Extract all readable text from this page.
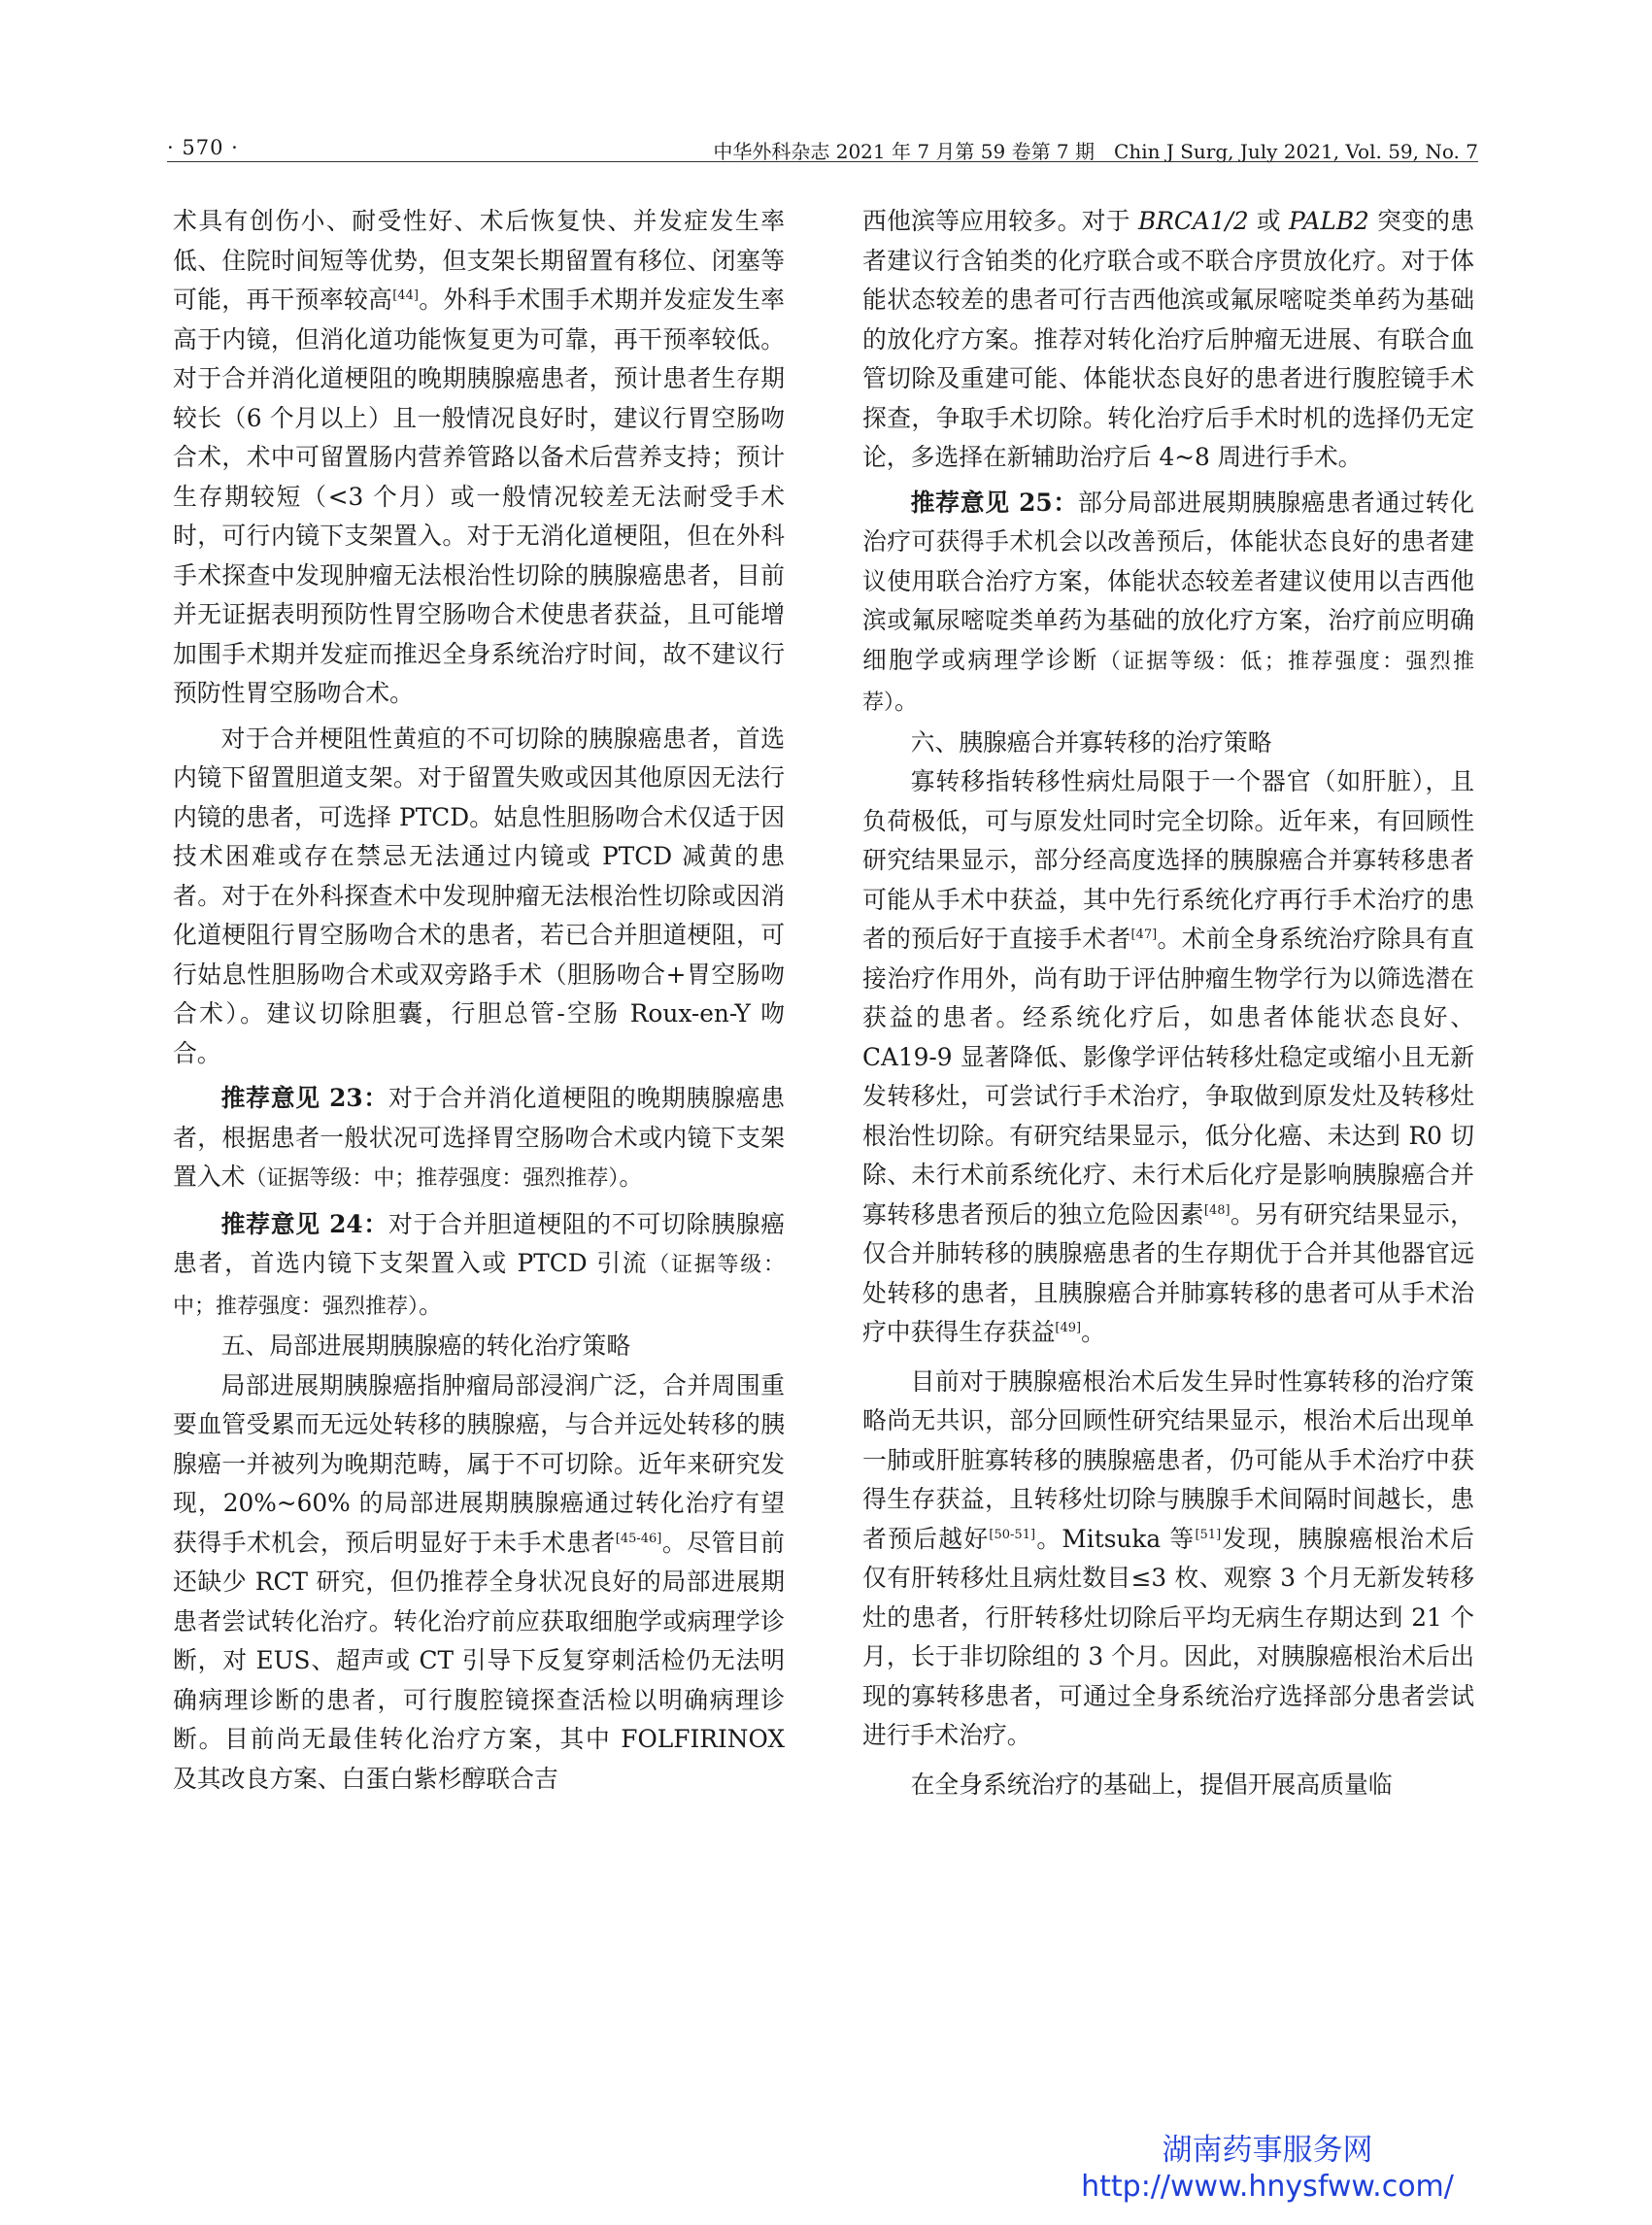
· 570 ·	中华外科杂志 2021 年 7 月第 59 卷第 7 期　Chin J Surg, July 2021, Vol. 59, No. 7

术具有创伤小、耐受性好、术后恢复快、并发症发生率低、住院时间短等优势，但支架长期留置有移位、闭塞等可能，再干预率较高[44]。外科手术围手术期并发症发生率高于内镜，但消化道功能恢复更为可靠，再干预率较低。对于合并消化道梗阻的晚期胰腺癌患者，预计患者生存期较长（6 个月以上）且一般情况良好时，建议行胃空肠吻合术，术中可留置肠内营养管路以备术后营养支持；预计生存期较短（<3 个月）或一般情况较差无法耐受手术时，可行内镜下支架置入。对于无消化道梗阻，但在外科手术探查中发现肿瘤无法根治性切除的胰腺癌患者，目前并无证据表明预防性胃空肠吻合术使患者获益，且可能增加围手术期并发症而推迟全身系统治疗时间，故不建议行预防性胃空肠吻合术。

对于合并梗阻性黄疸的不可切除的胰腺癌患者，首选内镜下留置胆道支架。对于留置失败或因其他原因无法行内镜的患者，可选择 PTCD。姑息性胆肠吻合术仅适于因技术困难或存在禁忌无法通过内镜或 PTCD 减黄的患者。对于在外科探查术中发现肿瘤无法根治性切除或因消化道梗阻行胃空肠吻合术的患者，若已合并胆道梗阻，可行姑息性胆肠吻合术或双旁路手术（胆肠吻合+胃空肠吻合术）。建议切除胆囊，行胆总管-空肠 Roux-en-Y 吻合。

推荐意见 23：对于合并消化道梗阻的晚期胰腺癌患者，根据患者一般状况可选择胃空肠吻合术或内镜下支架置入术（证据等级：中；推荐强度：强烈推荐）。

推荐意见 24：对于合并胆道梗阻的不可切除胰腺癌患者，首选内镜下支架置入或 PTCD 引流（证据等级：中；推荐强度：强烈推荐）。

五、局部进展期胰腺癌的转化治疗策略

局部进展期胰腺癌指肿瘤局部浸润广泛，合并周围重要血管受累而无远处转移的胰腺癌，与合并远处转移的胰腺癌一并被列为晚期范畴，属于不可切除。近年来研究发现，20%~60% 的局部进展期胰腺癌通过转化治疗有望获得手术机会，预后明显好于未手术患者[45-46]。尽管目前还缺少 RCT 研究，但仍推荐全身状况良好的局部进展期患者尝试转化治疗。转化治疗前应获取细胞学或病理学诊断，对 EUS、超声或 CT 引导下反复穿刺活检仍无法明确病理诊断的患者，可行腹腔镜探查活检以明确病理诊断。目前尚无最佳转化治疗方案，其中 FOLFIRINOX 及其改良方案、白蛋白紫杉醇联合吉

西他滨等应用较多。对于 BRCA1/2 或 PALB2 突变的患者建议行含铂类的化疗联合或不联合序贯放化疗。对于体能状态较差的患者可行吉西他滨或氟尿嘧啶类单药为基础的放化疗方案。推荐对转化治疗后肿瘤无进展、有联合血管切除及重建可能、体能状态良好的患者进行腹腔镜手术探查，争取手术切除。转化治疗后手术时机的选择仍无定论，多选择在新辅助治疗后 4~8 周进行手术。

推荐意见 25：部分局部进展期胰腺癌患者通过转化治疗可获得手术机会以改善预后，体能状态良好的患者建议使用联合治疗方案，体能状态较差者建议使用以吉西他滨或氟尿嘧啶类单药为基础的放化疗方案，治疗前应明确细胞学或病理学诊断（证据等级：低；推荐强度：强烈推荐）。

六、胰腺癌合并寡转移的治疗策略

寡转移指转移性病灶局限于一个器官（如肝脏），且负荷极低，可与原发灶同时完全切除。近年来，有回顾性研究结果显示，部分经高度选择的胰腺癌合并寡转移患者可能从手术中获益，其中先行系统化疗再行手术治疗的患者的预后好于直接手术者[47]。术前全身系统治疗除具有直接治疗作用外，尚有助于评估肿瘤生物学行为以筛选潜在获益的患者。经系统化疗后，如患者体能状态良好、CA19-9 显著降低、影像学评估转移灶稳定或缩小且无新发转移灶，可尝试行手术治疗，争取做到原发灶及转移灶根治性切除。有研究结果显示，低分化癌、未达到 R0 切除、未行术前系统化疗、未行术后化疗是影响胰腺癌合并寡转移患者预后的独立危险因素[48]。另有研究结果显示，仅合并肺转移的胰腺癌患者的生存期优于合并其他器官远处转移的患者，且胰腺癌合并肺寡转移的患者可从手术治疗中获得生存获益[49]。

目前对于胰腺癌根治术后发生异时性寡转移的治疗策略尚无共识，部分回顾性研究结果显示，根治术后出现单一肺或肝脏寡转移的胰腺癌患者，仍可能从手术治疗中获得生存获益，且转移灶切除与胰腺手术间隔时间越长，患者预后越好[50-51]。Mitsuka 等[51]发现，胰腺癌根治术后仅有肝转移灶且病灶数目≤3 枚、观察 3 个月无新发转移灶的患者，行肝转移灶切除后平均无病生存期达到 21 个月，长于非切除组的 3 个月。因此，对胰腺癌根治术后出现的寡转移患者，可通过全身系统治疗选择部分患者尝试进行手术治疗。

在全身系统治疗的基础上，提倡开展高质量临

湖南药事服务网
http://www.hnysfww.com/
